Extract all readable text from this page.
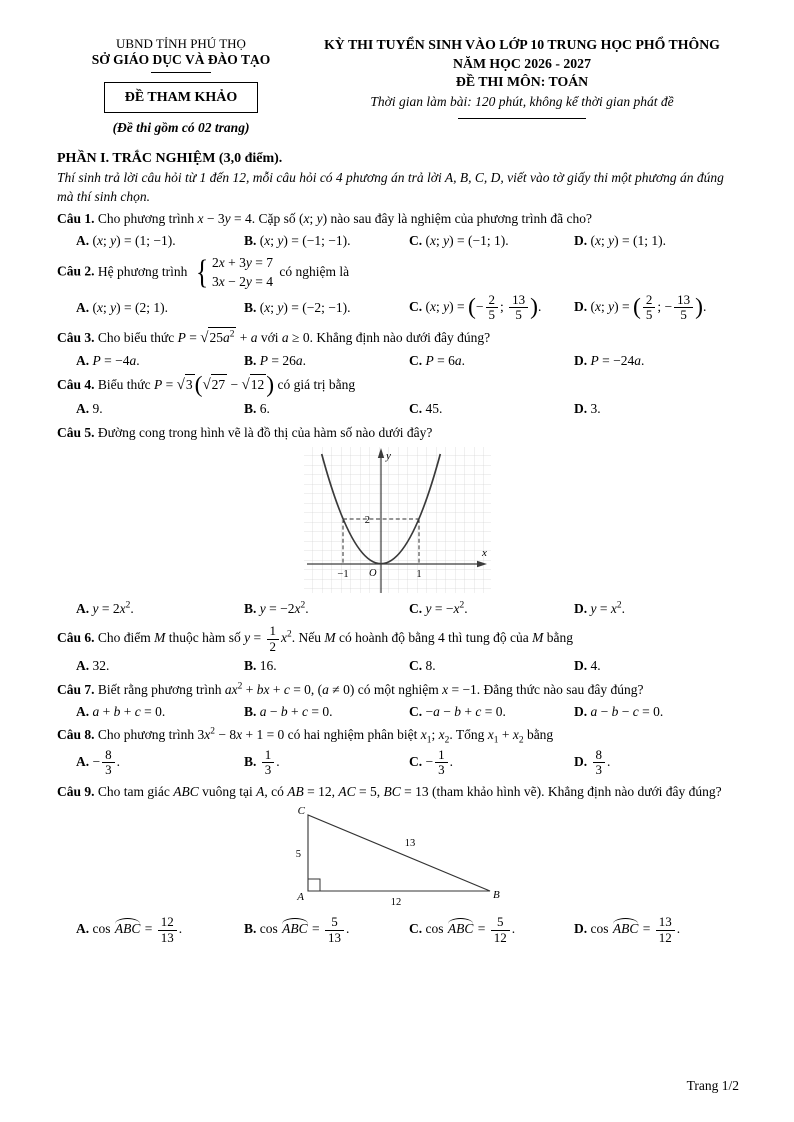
UBND TỈNH PHÚ THỌ
SỞ GIÁO DỤC VÀ ĐÀO TẠO
ĐỀ THAM KHẢO
(Đề thi gồm có 02 trang)
KỲ THI TUYỂN SINH VÀO LỚP 10 TRUNG HỌC PHỔ THÔNG
NĂM HỌC 2026 - 2027
ĐỀ THI MÔN: TOÁN
Thời gian làm bài: 120 phút, không kể thời gian phát đề
PHẦN I. TRẮC NGHIỆM (3,0 điểm).
Thí sinh trả lời câu hỏi từ 1 đến 12, mỗi câu hỏi có 4 phương án trả lời A, B, C, D, viết vào tờ giấy thi một phương án đúng mà thí sinh chọn.
Câu 1. Cho phương trình x − 3y = 4. Cặp số (x; y) nào sau đây là nghiệm của phương trình đã cho?
A. (x; y) = (1; −1).	B. (x; y) = (−1; −1).	C. (x; y) = (−1; 1).	D. (x; y) = (1; 1).
Câu 2. Hệ phương trình { 2x + 3y = 7
3x − 2y = 4
có nghiệm là
A. (x; y) = (2; 1).	B. (x; y) = (−2; −1).	C. (x; y) = (− $\frac{2}{5}$ ; $\frac{13}{5}$ ).	D. (x; y) = ( $\frac{2}{5}$ ; − $\frac{13}{5}$ ).
Câu 3. Cho biểu thức $P = √25a^2 + a$ với a ≥ 0. Khẳng định nào dưới đây đúng?
A. P = −4a.	B. P = 26a.	C. P = 6a.	D. P = −24a.
Câu 4. Biểu thức P = √3(√27 − √12) có giá trị bằng
A. 9.	B. 6.	C. 45.	D. 3.
Câu 5. Đường cong trong hình vẽ là đồ thị của hàm số nào dưới đây?
y
x
2
O
−1	1
A. $y = 2x^2$.	B. $y = -2x^2$.	C. $y = -x^2$.	D. $y = x^2$.
Câu 6. Cho điểm M thuộc hàm số $y = \frac{1}{2} x^2$. Nếu M có hoành độ bằng 4 thì tung độ của M bằng
A. 32.	B. 16.	C. 8.	D. 4.
Câu 7. Biết rằng phương trình $ax^2$ + bx + c = 0, (a ≠ 0) có một nghiệm x = −1. Đẳng thức nào sau đây đúng?
A. a + b + c = 0.	B. a − b + c = 0.	C. −a − b + c = 0.	D. a − b − c = 0.
Câu 8. Cho phương trình $3x^2 - 8x + 1 = 0$ có hai nghiệm phân biệt $x_1$; $x_2$. Tổng $x_1 + x_2$ bằng
A. − $\frac{8}{3}$ .	B. $\frac{1}{3}$ .	C. − $\frac{1}{3}$ .	D. $\frac{8}{3}$ .
Câu 9. Cho tam giác ABC vuông tại A, có AB = 12, AC = 5, BC = 13 (tham khảo hình vẽ). Khẳng định nào dưới đây đúng?
C
A	B
5
13
12
A. cos ABC = $\frac{12}{13}$ .	B. cos ABC = $\frac{5}{13}$ .	C. cos ABC = $\frac{5}{12}$ .	D. cos ABC = $\frac{13}{12}$ .
Trang 1/2
